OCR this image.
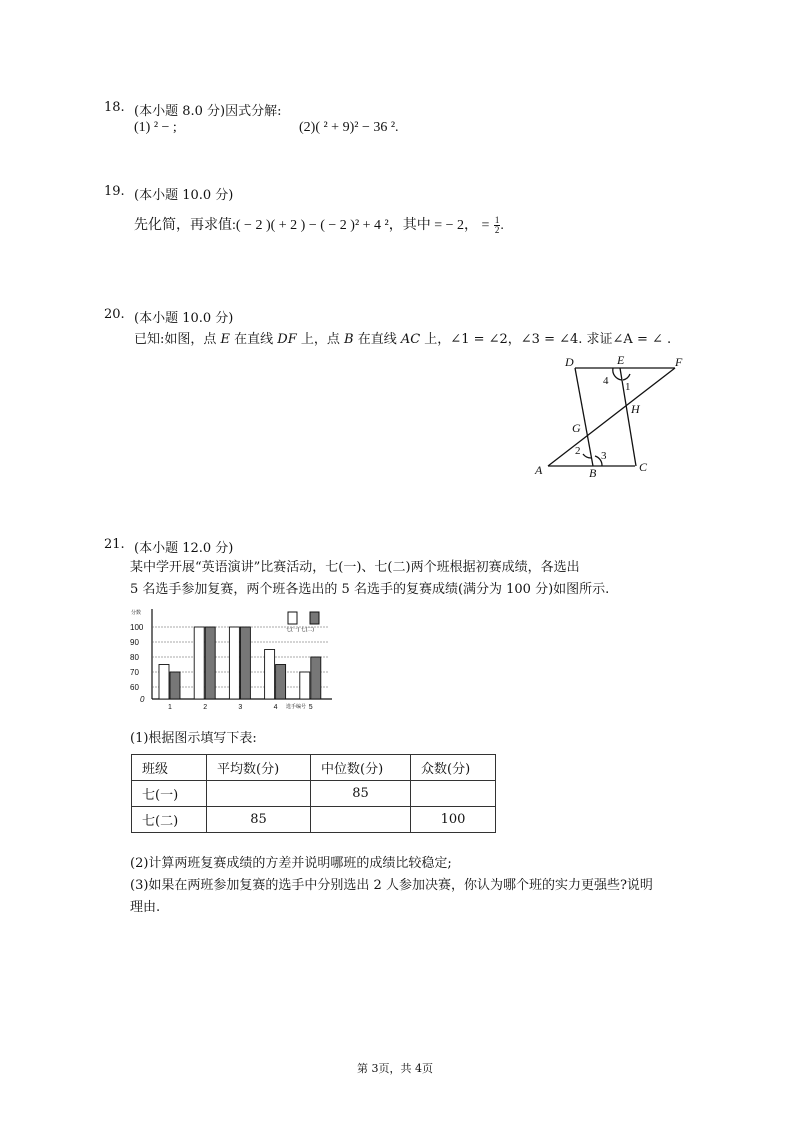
18. (本小题 8.0 分)因式分解:
(1) ² − ;	(2)( ² + 9)² − 36 ².
19. (本小题 10.0 分)
先化简，再求值:( − 2 )( + 2 ) − ( − 2 )² + 4 ²，其中 = − 2， = $\frac{1}{2}$ .
20. (本小题 10.0 分)
已知:如图，点 E 在直线 DF 上，点 B 在直线 AC 上，∠1 = ∠2，∠3 = ∠4. 求证∠A = ∠ .
D	E	F
H
G
A	B	C
4 1
2 3
21. (本小题 12.0 分)
某中学开展“英语演讲”比赛活动，七(一)、七(二)两个班根据初赛成绩，各选出
5 名选手参加复赛，两个班各选出的 5 名选手的复赛成绩(满分为 100 分)如图所示.
分数
选手编号
七(一) 七(二)
100
90
80
70
60
0
1	2	3	4	5
(1)根据图示填写下表:
班级	平均数(分)	中位数(分)	众数(分)
七(一)		85	
七(二)	85		100
(2)计算两班复赛成绩的方差并说明哪班的成绩比较稳定;
(3)如果在两班参加复赛的选手中分别选出 2 人参加决赛，你认为哪个班的实力更强些?说明
理由.
第 3页，共 4页
